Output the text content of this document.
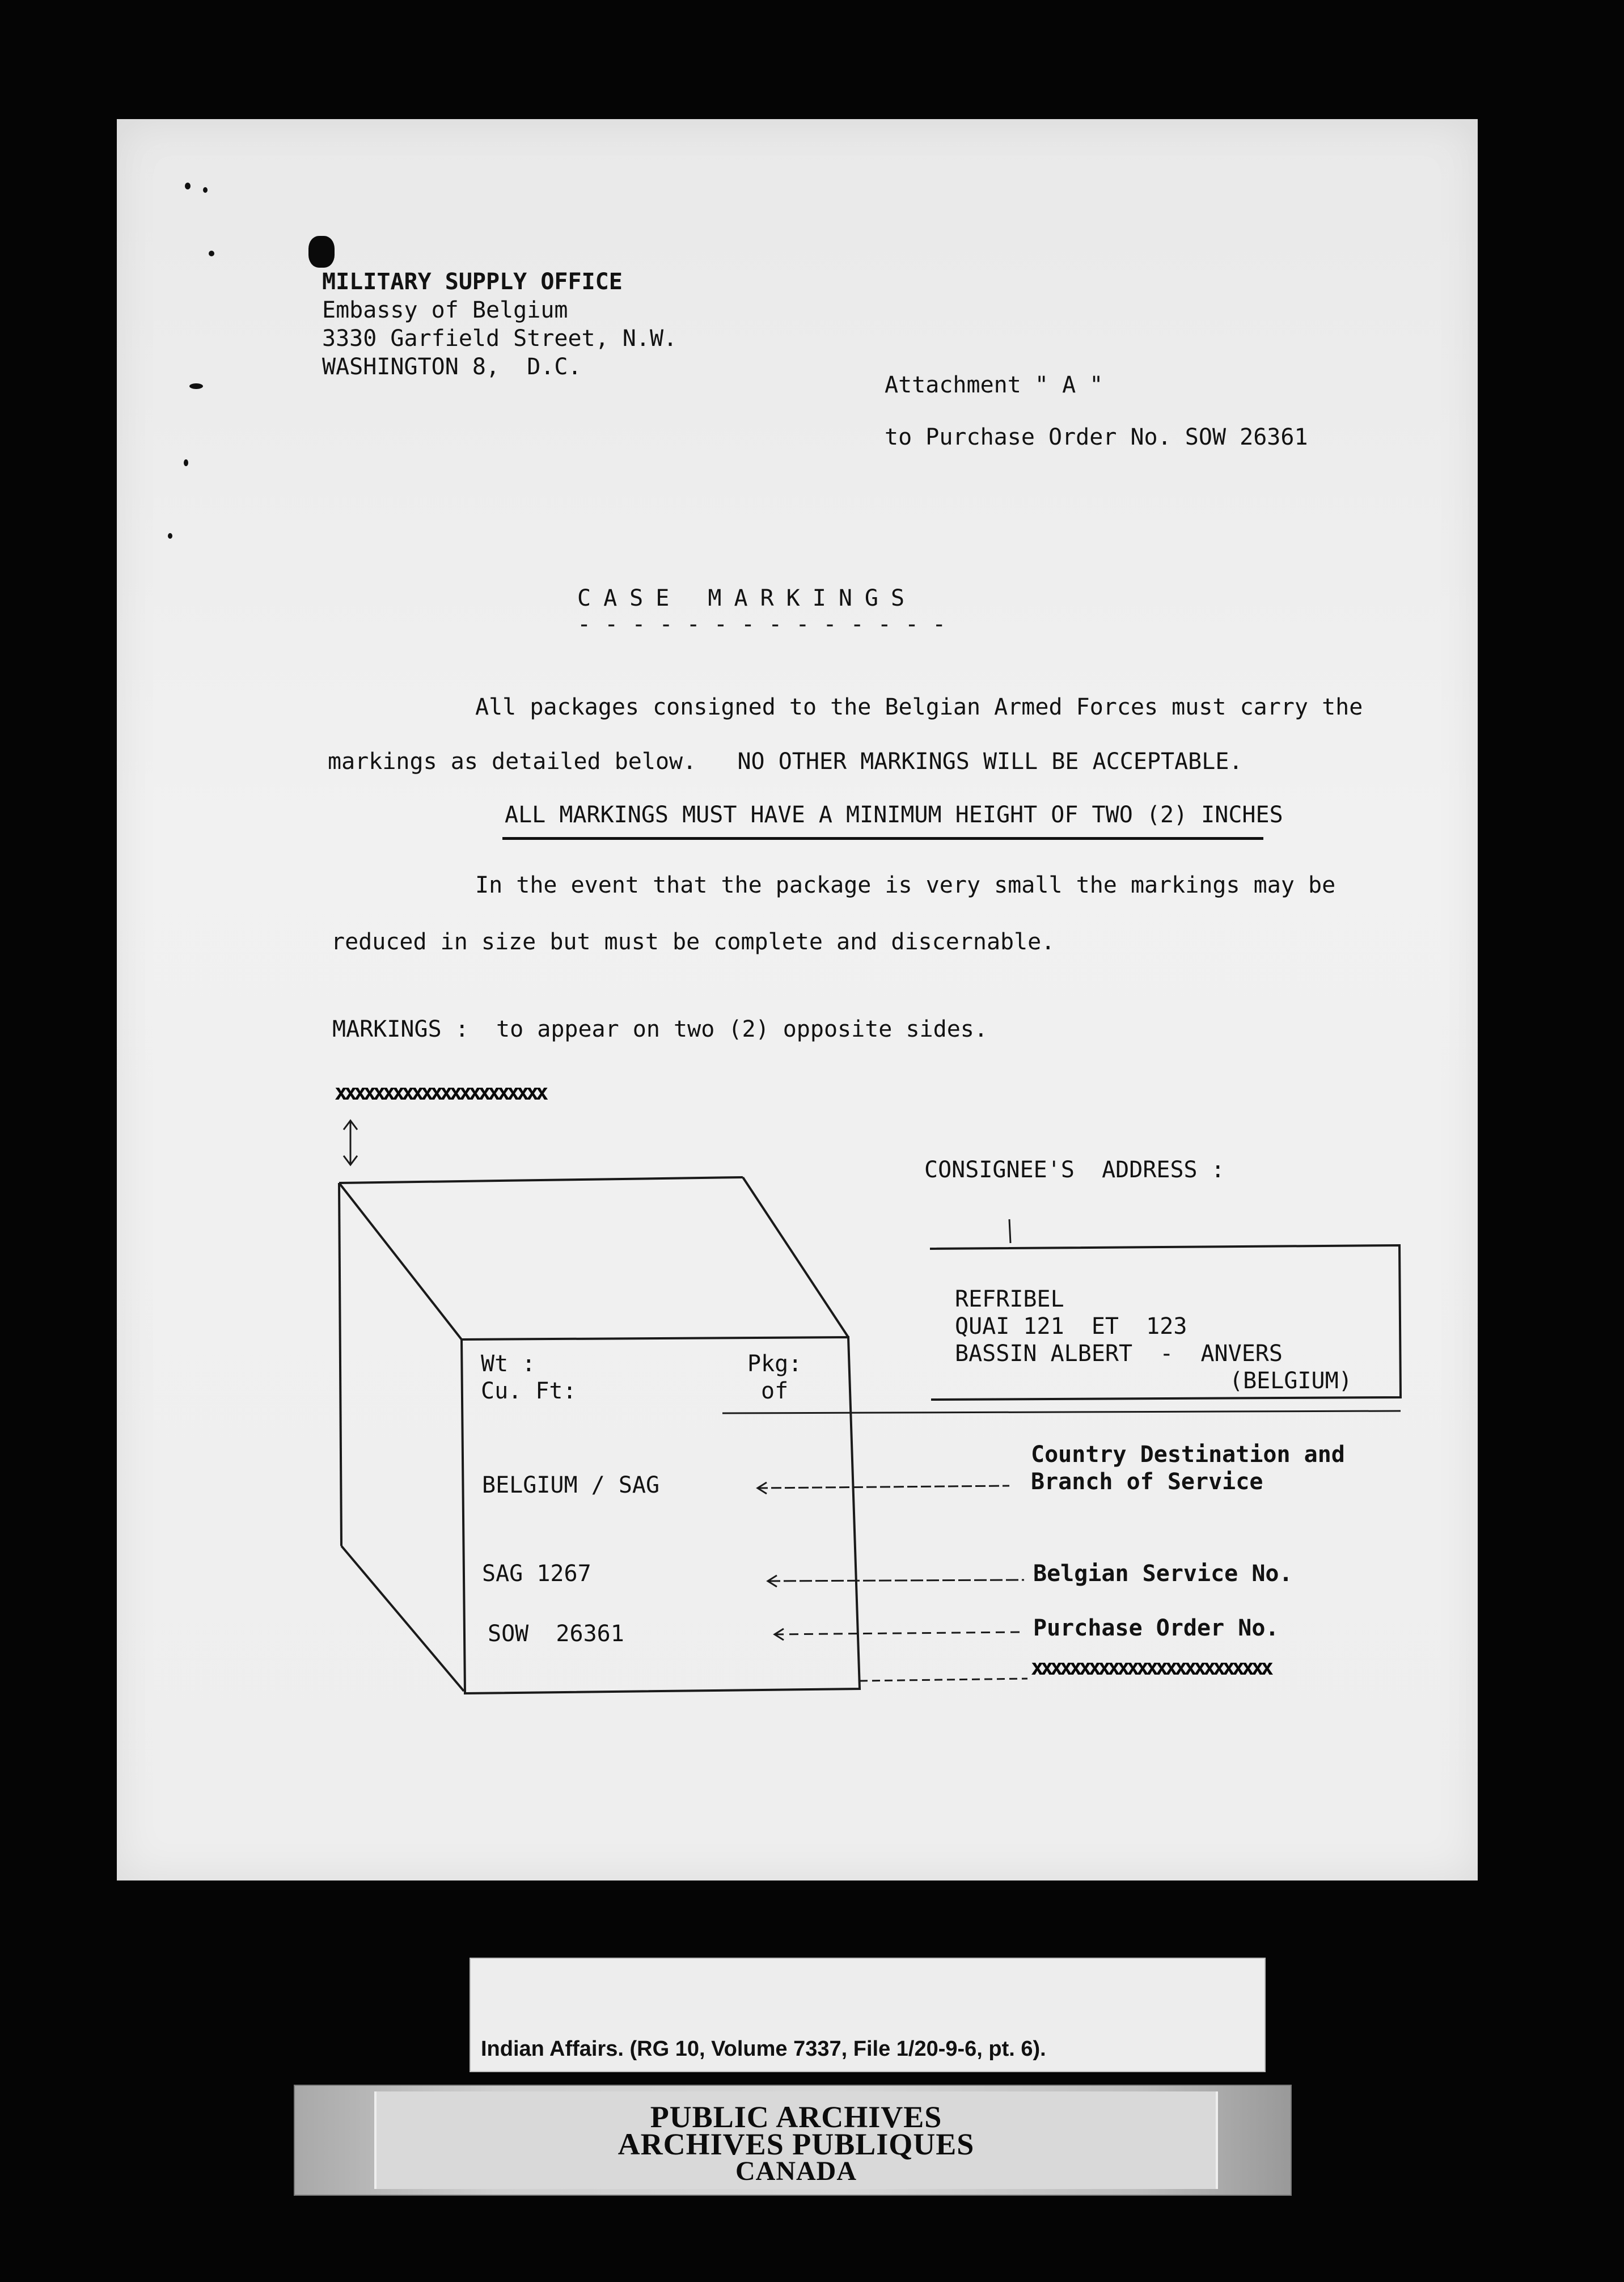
MILITARY SUPPLY OFFICE
Embassy of Belgium
3330 Garfield Street, N.W.
WASHINGTON 8,  D.C.
Attachment " A "
to Purchase Order No. SOW 26361
CASE MARKINGS
- - - - - - - - - - - - - -
All packages consigned to the Belgian Armed Forces must carry the
markings as detailed below.   NO OTHER MARKINGS WILL BE ACCEPTABLE.
ALL MARKINGS MUST HAVE A MINIMUM HEIGHT OF TWO (2) INCHES
In the event that the package is very small the markings may be
reduced in size but must be complete and discernable.
MARKINGS :  to appear on two (2) opposite sides.
xxxxxxxxxxxxxxxxxxxxxx
xxxxxxxxxxxxxxxxxxxxxxxxx
CONSIGNEE'S  ADDRESS :
REFRIBEL
QUAI 121  ET  123
BASSIN ALBERT  -  ANVERS
(BELGIUM)
Wt :
Cu. Ft:
Pkg:
of
BELGIUM / SAG
SAG 1267
SOW  26361
Country Destination and
Branch of Service
Belgian Service No.
Purchase Order No.
Indian Affairs. (RG 10, Volume 7337, File 1/20-9-6, pt. 6).
PUBLIC ARCHIVES
ARCHIVES PUBLIQUES
CANADA
